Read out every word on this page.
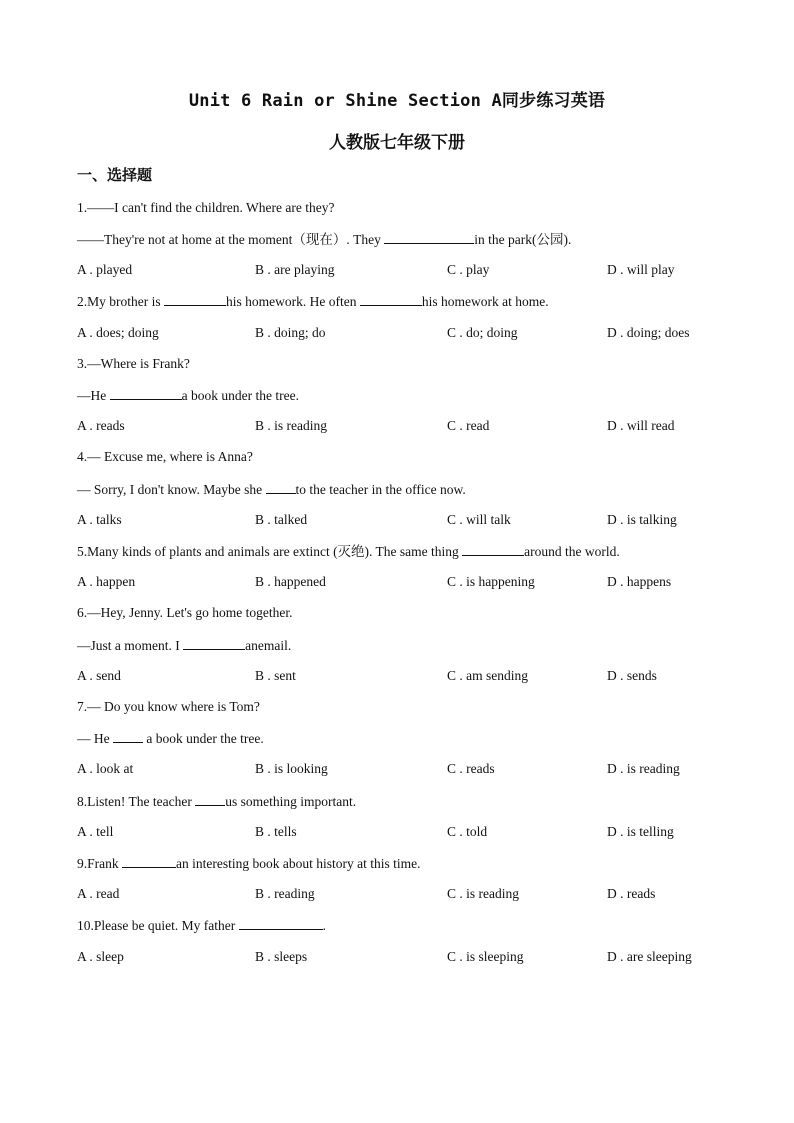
Unit 6 Rain or Shine Section A同步练习英语
人教版七年级下册
一、选择题
1.——I can't find the children. Where are they?
——They're not at home at the moment（现在）. They	in the park(公园).
A . played	B . are playing	C . play	D . will play
2.My brother is	his homework. He often	his homework at home.
A . does; doing	B . doing; do	C . do; doing	D . doing; does
3.—Where is Frank?
—He	a book under the tree.
A . reads	B . is reading	C . read	D . will read
4.— Excuse me, where is Anna?
— Sorry, I don't know. Maybe she to the teacher in the office now.
A . talks	B . talked	C . will talk	D . is talking
5.Many kinds of plants and animals are extinct (灭绝). The same thing	around the world.
A . happen	B . happened	C . is happening	D . happens
6.—Hey, Jenny. Let's go home together.
—Just a moment. I	anemail.
A . send	B . sent	C . am sending	D . sends
7.— Do you know where is Tom?
— He  a book under the tree.
A . look at	B . is looking	C . reads	D . is reading
8.Listen! The teacher us something important.
A . tell	B . tells	C . told	D . is telling
9.Frank	an interesting book about history at this time.
A . read	B . reading	C . is reading	D . reads
10.Please be quiet. My father	.
A . sleep	B . sleeps	C . is sleeping	D . are sleeping
